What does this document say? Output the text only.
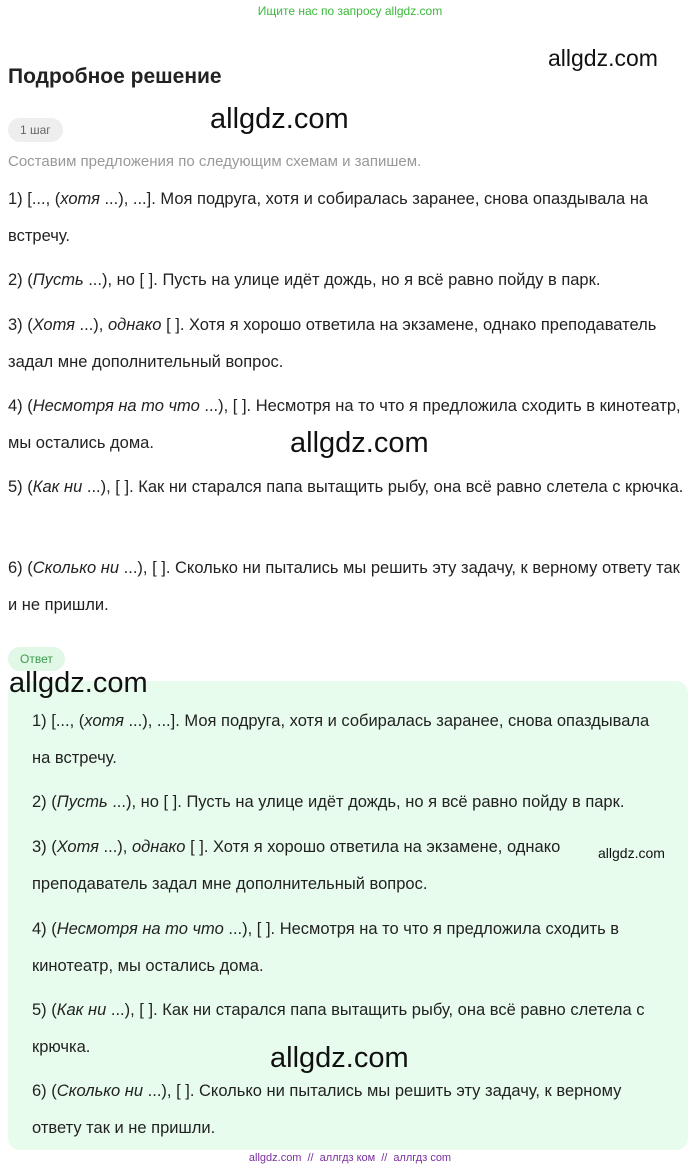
Ищите нас по запросу allgdz.com
allgdz.com
allgdz.com
allgdz.com
Подробное решение
1 шаг
Составим предложения по следующим схемам и запишем.
1) [..., (хотя ...), ...]. Моя подруга, хотя и собиралась заранее, снова опаздывала на встречу.
2) (Пусть ...), но [ ]. Пусть на улице идёт дождь, но я всё равно пойду в парк.
3) (Хотя ...), однако [ ]. Хотя я хорошо ответила на экзамене, однако преподаватель задал мне дополнительный вопрос.
4) (Несмотря на то что ...), [ ]. Несмотря на то что я предложила сходить в кинотеатр, мы остались дома.
5) (Как ни ...), [ ]. Как ни старался папа вытащить рыбу, она всё равно слетела с крючка.
6) (Сколько ни ...), [ ]. Сколько ни пытались мы решить эту задачу, к верному ответу так и не пришли.
Ответ
1) [..., (хотя ...), ...]. Моя подруга, хотя и собиралась заранее, снова опаздывала на встречу.
2) (Пусть ...), но [ ]. Пусть на улице идёт дождь, но я всё равно пойду в парк.
3) (Хотя ...), однако [ ]. Хотя я хорошо ответила на экзамене, однако преподаватель задал мне дополнительный вопрос.
4) (Несмотря на то что ...), [ ]. Несмотря на то что я предложила сходить в кинотеатр, мы остались дома.
5) (Как ни ...), [ ]. Как ни старался папа вытащить рыбу, она всё равно слетела с крючка.
6) (Сколько ни ...), [ ]. Сколько ни пытались мы решить эту задачу, к верному ответу так и не пришли.
allgdz.com
allgdz.com
allgdz.com
allgdz.com // аллгдз ком // аллгдз com
